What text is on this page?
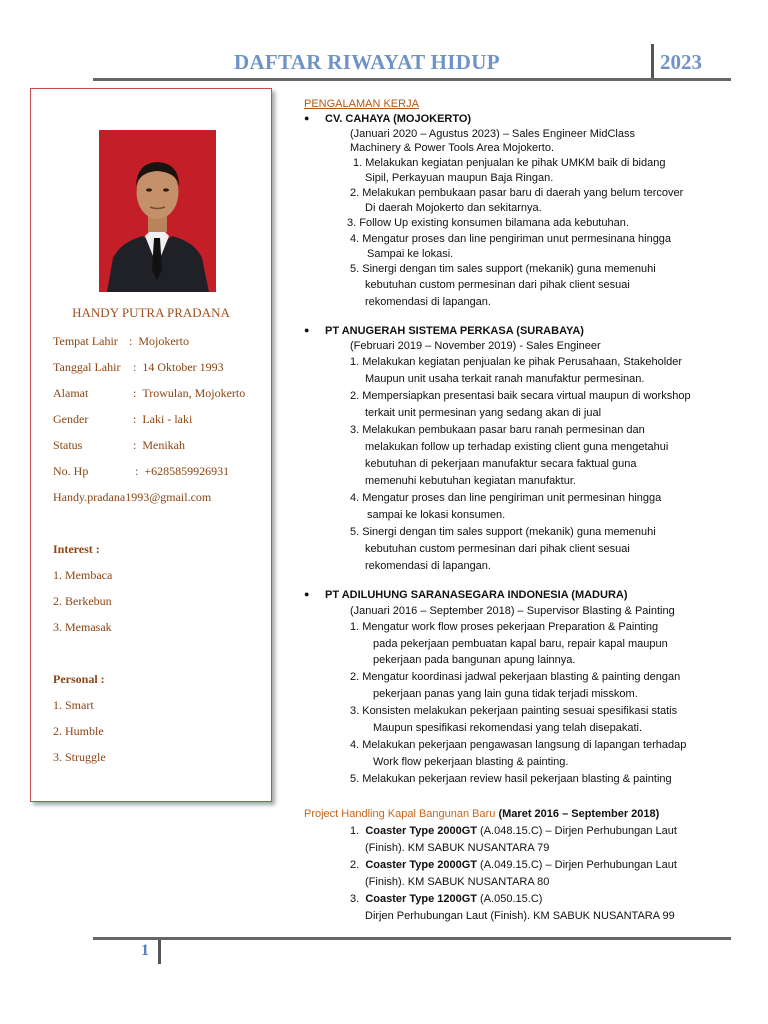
DAFTAR RIWAYAT HIDUP	2023
HANDY PUTRA PRADANA
Tempat Lahir : Mojokerto
Tanggal Lahir : 14 Oktober 1993
Alamat	: Trowulan, Mojokerto
Gender	: Laki - laki
Status	: Menikah
No. Hp	: +6285859926931
Handy.pradana1993@gmail.com
Interest :
1. Membaca
2. Berkebun
3. Memasak
Personal :
1. Smart
2. Humble
3. Struggle
PENGALAMAN KERJA
● CV. CAHAYA (MOJOKERTO)
(Januari 2020 – Agustus 2023) – Sales Engineer MidClass
Machinery & Power Tools Area Mojokerto.
1. Melakukan kegiatan penjualan ke pihak UMKM baik di bidang
Sipil, Perkayuan maupun Baja Ringan.
2. Melakukan pembukaan pasar baru di daerah yang belum tercover
Di daerah Mojokerto dan sekitarnya.
3. Follow Up existing konsumen bilamana ada kebutuhan.
4. Mengatur proses dan line pengiriman unut permesinana hingga
Sampai ke lokasi.
5. Sinergi dengan tim sales support (mekanik) guna memenuhi
kebutuhan custom permesinan dari pihak client sesuai
rekomendasi di lapangan.
● PT ANUGERAH SISTEMA PERKASA (SURABAYA)
(Februari 2019 – November 2019) - Sales Engineer
1. Melakukan kegiatan penjualan ke pihak Perusahaan, Stakeholder
Maupun unit usaha terkait ranah manufaktur permesinan.
2. Mempersiapkan presentasi baik secara virtual maupun di workshop
terkait unit permesinan yang sedang akan di jual
3. Melakukan pembukaan pasar baru ranah permesinan dan
melakukan follow up terhadap existing client guna mengetahui
kebutuhan di pekerjaan manufaktur secara faktual guna
memenuhi kebutuhan kegiatan manufaktur.
4. Mengatur proses dan line pengiriman unit permesinan hingga
sampai ke lokasi konsumen.
5. Sinergi dengan tim sales support (mekanik) guna memenuhi
kebutuhan custom permesinan dari pihak client sesuai
rekomendasi di lapangan.
● PT ADILUHUNG SARANASEGARA INDONESIA (MADURA)
(Januari 2016 – September 2018) – Supervisor Blasting & Painting
1. Mengatur work flow proses pekerjaan Preparation & Painting
pada pekerjaan pembuatan kapal baru, repair kapal maupun
pekerjaan pada bangunan apung lainnya.
2. Mengatur koordinasi jadwal pekerjaan blasting & painting dengan
pekerjaan panas yang lain guna tidak terjadi misskom.
3. Konsisten melakukan pekerjaan painting sesuai spesifikasi statis
Maupun spesifikasi rekomendasi yang telah disepakati.
4. Melakukan pekerjaan pengawasan langsung di lapangan terhadap
Work flow pekerjaan blasting & painting.
5. Melakukan pekerjaan review hasil pekerjaan blasting & painting
Project Handling Kapal Bangunan Baru (Maret 2016 – September 2018)
1. Coaster Type 2000GT (A.048.15.C) – Dirjen Perhubungan Laut
(Finish). KM SABUK NUSANTARA 79
2. Coaster Type 2000GT (A.049.15.C) – Dirjen Perhubungan Laut
(Finish). KM SABUK NUSANTARA 80
3. Coaster Type 1200GT (A.050.15.C)
Dirjen Perhubungan Laut (Finish). KM SABUK NUSANTARA 99
1
